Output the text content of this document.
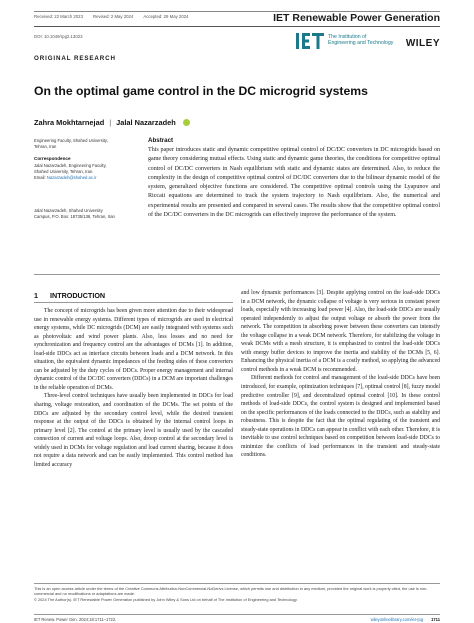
Received: 22 March 2023 Revised: 2 May 2024 Accepted: 29 May 2024	IET Renewable Power Generation
DOI: 10.1049/rpg2.13023	The Institution of
Engineering and Technology WILEY
ORIGINAL RESEARCH
On the optimal game control in the DC microgrid systems
Zahra Mokhtarnejad | Jalal Nazarzadeh
Engineering Faculty, Shahed University, Tehran, Iran
Correspondence
Jalal Nazarzadeh, Engineering Faculty, Shahed University, Tehran, Iran.
Email: Nazarzadeh@shahed.ac.ir
Jalal Nazarzadeh, Shahed University Campus, P.O. Box: 18735/136, Tehran, Iran
Abstract
This paper introduces static and dynamic competitive optimal control of DC/DC converters in DC microgrids based on game theory considering mutual effects. Using static and dynamic game theories, the conditions for competitive optimal control of DC/DC converters in Nash equilibrium with static and dynamic states are determined. Also, to reduce the complexity in the design of competitive optimal control of DC/DC converters due to the bilinear dynamic model of the system, generalized objective functions are considered. The competitive optimal controls using the Lyapunov and Riccati equations are determined to track the system trajectory to Nash equilibrium. Also, the numerical and experimental results are presented and compared in several cases. The results show that the competitive optimal control of the DC/DC converters in the DC microgrids can effectively improve the performance of the system.
1 INTRODUCTION

The concept of microgrids has been given more attention due to their widespread use in renewable energy systems. Different types of microgrids are used in electrical energy systems, while DC microgrids (DCM) are easily integrated with systems such as photovoltaic and wind power plants. Also, less losses and no need for synchronization and frequency control are the advantages of DCMs [1]. In addition, load-side DDCs act as interface circuits between loads and a DCM network. In this situation, the equivalent dynamic impedances of the feeding sides of these converters can be adjusted by the duty cycles of DDCs. Proper energy management and internal dynamic control of the DC/DC converters (DDCs) in a DCM are important challenges in the reliable operation of DCMs.

Three-level control techniques have usually been implemented in DDCs for load sharing, voltage restoration, and coordination of the DCMs. The set points of the DDCs are adjusted by the secondary control level, while the desired transient response at the output of the DDCs is obtained by the internal control loops in primary level [2]. The control at the primary level is usually used by the cascaded connection of current and voltage loops. Also, droop control at the secondary level is widely used in DCMs for voltage regulation and load current sharing, because it does not require a data network and can be easily implemented. This control method has limited accuracy

and low dynamic performances [3]. Despite applying control on the load-side DDCs in a DCM network, the dynamic collapse of voltage is very serious in constant power loads, especially with increasing load power [4]. Also, the load-side DDCs are usually operated independently to adjust the output voltage or absorb the power from the network. The competition in absorbing power between these converters can intensify the voltage collapse in a weak DCM network. Therefore, for stabilizing the voltage in weak DCMs with a mesh structure, it is emphasized to control the load-side DDCs with energy buffer devices to improve the inertia and stability of the DCMs [5, 6]. Enhancing the physical inertia of a DCM is a costly method, so applying the advanced control methods in a weak DCM is recommended.

Different methods for control and management of the load-side DDCs have been introduced, for example, optimization techniques [7], optimal control [8], fuzzy model predictive controller [9], and decentralized optimal control [10]. In these control methods of load-side DDCs, the control system is designed and implemented based on the specific performances of the loads connected to the DDCs, such as stability and robustness. This is despite the fact that the optimal regulating of the transient and steady-state operations in DDCs can appear in conflict with each other. Therefore, it is inevitable to use control techniques based on competition between load-side DDCs to minimize the conflicts of load performances in the transient and steady-state conditions.

This is an open access article under the terms of the Creative Commons Attribution-NonCommercial-NoDerivs License, which permits use and distribution in any medium, provided the original work is properly cited, the use is non-commercial and no modifications or adaptations are made.
© 2024 The Author(s). IET Renewable Power Generation published by John Wiley & Sons Ltd on behalf of The Institution of Engineering and Technology.
IET Renew. Power Gen. 2024;18:1711–1722.	wileyonlinelibrary.com/iet-rpg 1711
